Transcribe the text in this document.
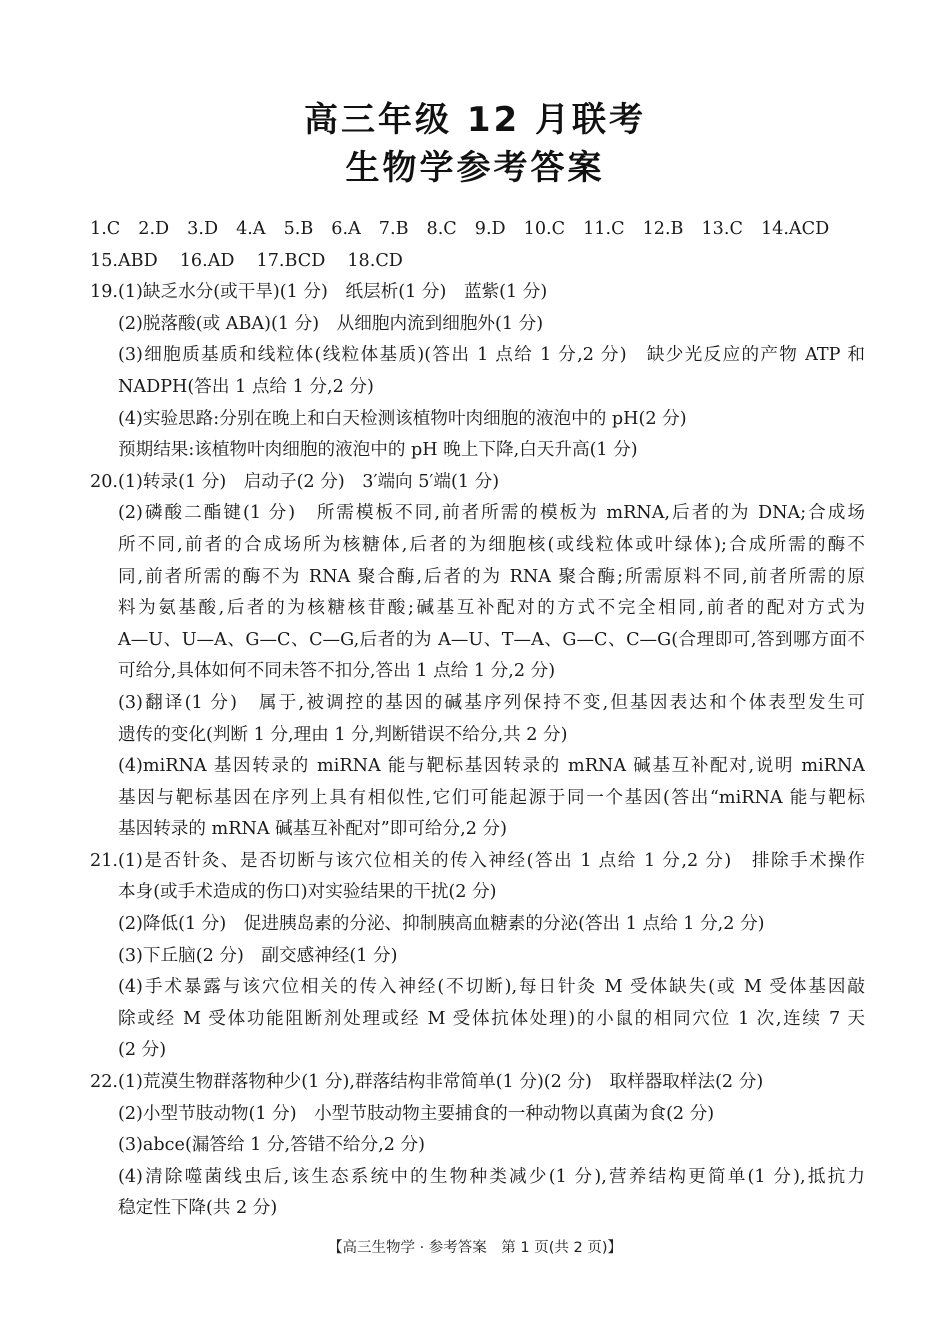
高三年级 12 月联考
生物学参考答案
1.C 2.D 3.D 4.A 5.B 6.A 7.B 8.C 9.D 10.C 11.C 12.B 13.C 14.ACD
15.ABD 16.AD 17.BCD 18.CD
19.(1)缺乏水分(或干旱)(1 分)　纸层析(1 分)　蓝紫(1 分)
(2)脱落酸(或 ABA)(1 分)　从细胞内流到细胞外(1 分)
(3)细胞质基质和线粒体(线粒体基质)(答出 1 点给 1 分,2 分)　缺少光反应的产物 ATP 和
NADPH(答出 1 点给 1 分,2 分)
(4)实验思路:分别在晚上和白天检测该植物叶肉细胞的液泡中的 pH(2 分)
预期结果:该植物叶肉细胞的液泡中的 pH 晚上下降,白天升高(1 分)
20.(1)转录(1 分)　启动子(2 分)　3′端向 5′端(1 分)
(2)磷酸二酯键(1 分)　所需模板不同,前者所需的模板为 mRNA,后者的为 DNA;合成场
所不同,前者的合成场所为核糖体,后者的为细胞核(或线粒体或叶绿体);合成所需的酶不
同,前者所需的酶不为 RNA 聚合酶,后者的为 RNA 聚合酶;所需原料不同,前者所需的原
料为氨基酸,后者的为核糖核苷酸;碱基互补配对的方式不完全相同,前者的配对方式为
A—U、U—A、G—C、C—G,后者的为 A—U、T—A、G—C、C—G(合理即可,答到哪方面不
可给分,具体如何不同未答不扣分,答出 1 点给 1 分,2 分)
(3)翻译(1 分)　属于,被调控的基因的碱基序列保持不变,但基因表达和个体表型发生可
遗传的变化(判断 1 分,理由 1 分,判断错误不给分,共 2 分)
(4)miRNA 基因转录的 miRNA 能与靶标基因转录的 mRNA 碱基互补配对,说明 miRNA
基因与靶标基因在序列上具有相似性,它们可能起源于同一个基因(答出“miRNA 能与靶标
基因转录的 mRNA 碱基互补配对”即可给分,2 分)
21.(1)是否针灸、是否切断与该穴位相关的传入神经(答出 1 点给 1 分,2 分)　排除手术操作
本身(或手术造成的伤口)对实验结果的干扰(2 分)
(2)降低(1 分)　促进胰岛素的分泌、抑制胰高血糖素的分泌(答出 1 点给 1 分,2 分)
(3)下丘脑(2 分)　副交感神经(1 分)
(4)手术暴露与该穴位相关的传入神经(不切断),每日针灸 M 受体缺失(或 M 受体基因敲
除或经 M 受体功能阻断剂处理或经 M 受体抗体处理)的小鼠的相同穴位 1 次,连续 7 天
(2 分)
22.(1)荒漠生物群落物种少(1 分),群落结构非常简单(1 分)(2 分)　取样器取样法(2 分)
(2)小型节肢动物(1 分)　小型节肢动物主要捕食的一种动物以真菌为食(2 分)
(3)abce(漏答给 1 分,答错不给分,2 分)
(4)清除噬菌线虫后,该生态系统中的生物种类减少(1 分),营养结构更简单(1 分),抵抗力
稳定性下降(共 2 分)
【高三生物学 · 参考答案　第 1 页(共 2 页)】
